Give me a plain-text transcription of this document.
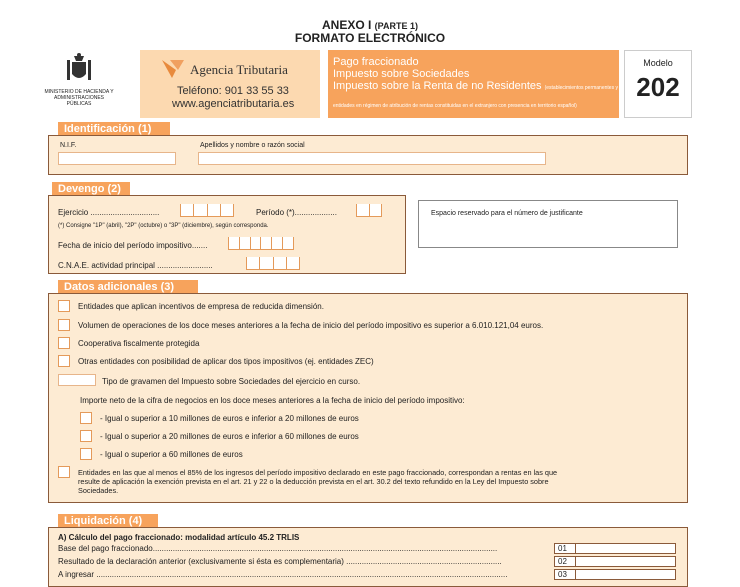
ANEXO I (PARTE 1)
FORMATO ELECTRÓNICO
MINISTERIO DE HACIENDA Y ADMINISTRACIONES PÚBLICAS
Agencia Tributaria
Teléfono: 901 33 55 33
www.agenciatributaria.es
Pago fraccionado
Impuesto sobre Sociedades
Impuesto sobre la Renta de no Residentes (establecimientos permanentes y
entidades en régimen de atribución de rentas constituidas en el extranjero con presencia en territorio español)
Modelo
202
Identificación (1)
N.I.F.	Apellidos y nombre o razón social
Devengo (2)
Ejercicio ...............................	Período (*)...................
(*) Consigne "1P" (abril), "2P" (octubre) o "3P" (diciembre), según corresponda.
Fecha de inicio del período impositivo.......
C.N.A.E. actividad principal .........................
Espacio reservado para el número de justificante
Datos adicionales (3)
Entidades que aplican incentivos de empresa de reducida dimensión.
Volumen de operaciones de los doce meses anteriores a la fecha de inicio del período impositivo es superior a 6.010.121,04 euros.
Cooperativa fiscalmente protegida
Otras entidades con posibilidad de aplicar dos tipos impositivos (ej. entidades ZEC)
Tipo de gravamen del Impuesto sobre Sociedades del ejercicio en curso.
Importe neto de la cifra de negocios en los doce meses anteriores a la fecha de inicio del período impositivo:
- Igual o superior a 10 millones de euros e inferior a 20 millones de euros
- Igual o superior a 20 millones de euros e inferior a 60 millones de euros
- Igual o superior a 60 millones de euros
Entidades en las que al menos el 85% de los ingresos del período impositivo declarado en este pago fraccionado, correspondan a rentas en las que
resulte de aplicación la exención prevista en el art. 21 y 22 o la deducción prevista en el art. 30.2 del texto refundido en la Ley del Impuesto sobre
Sociedades.
Liquidación (4)
A) Cálculo del pago fraccionado: modalidad artículo 45.2 TRLIS
Base del pago fraccionado...........................................................................................................................................................	01
Resultado de la declaración anterior (exclusivamente si ésta es complementaria) ......................................................................	02
A ingresar .........................................................................................................................................................................................	03
